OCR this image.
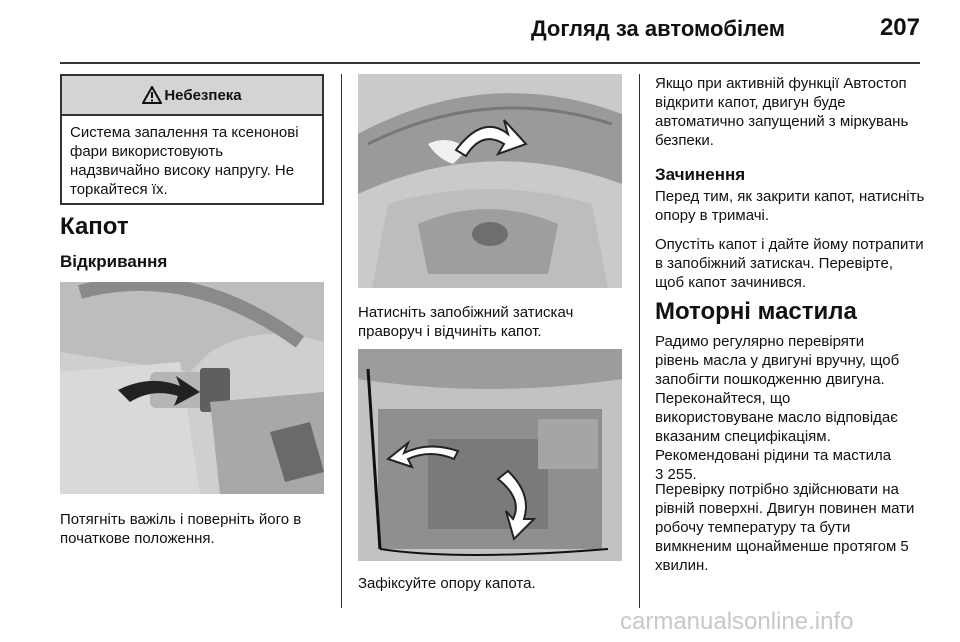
Догляд за автомобілем	207
Небезпека
Система запалення та ксенонові фари використовують надзвичайно високу напругу. Не торкайтеся їх.
Капот
Відкривання
Потягніть важіль і поверніть його в початкове положення.
Натисніть запобіжний затискач праворуч і відчиніть капот.
Зафіксуйте опору капота.
Якщо при активній функції Автостоп відкрити капот, двигун буде автоматично запущений з міркувань безпеки.
Зачинення
Перед тим, як закрити капот, натисніть опору в тримачі.
Опустіть капот і дайте йому потрапити в запобіжний затискач. Перевірте, щоб капот зачинився.
Моторні мастила
Радимо регулярно перевіряти
рівень масла у двигуні вручну, щоб
запобігти пошкодженню двигуна.
Переконайтеся, що
використовуване масло відповідає
вказаним специфікаціям.
Рекомендовані рідини та мастила
3 255.
Перевірку потрібно здійснювати на рівній поверхні. Двигун повинен мати робочу температуру та бути вимкненим щонайменше протягом 5 хвилин.
carmanualsonline.info
